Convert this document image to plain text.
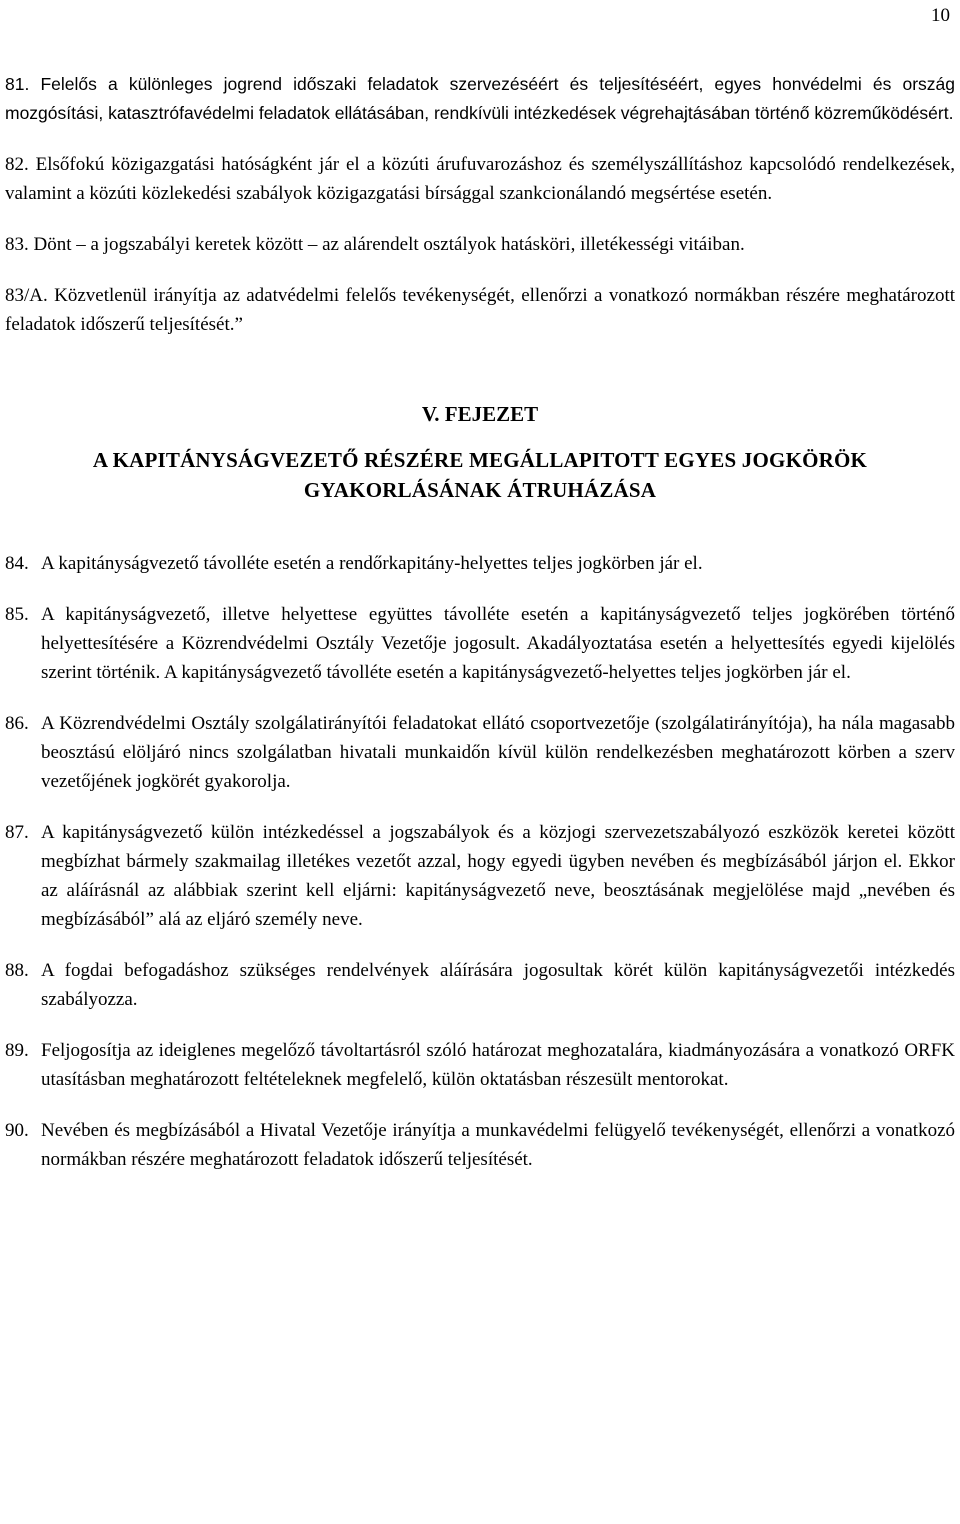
10

81. Felelős a különleges jogrend időszaki feladatok szervezéséért és teljesítéséért, egyes honvédelmi és ország mozgósítási, katasztrófavédelmi feladatok ellátásában, rendkívüli intézkedések végrehajtásában történő közreműködésért.

82. Elsőfokú közigazgatási hatóságként jár el a közúti árufuvarozáshoz és személyszállításhoz kapcsolódó rendelkezések, valamint a közúti közlekedési szabályok közigazgatási bírsággal szankcionálandó megsértése esetén.

83. Dönt – a jogszabályi keretek között – az alárendelt osztályok hatásköri, illetékességi vitáiban.

83/A. Közvetlenül irányítja az adatvédelmi felelős tevékenységét, ellenőrzi a vonatkozó normákban részére meghatározott feladatok időszerű teljesítését.”

V. FEJEZET
A KAPITÁNYSÁGVEZETŐ RÉSZÉRE MEGÁLLAPITOTT EGYES JOGKÖRÖK GYAKORLÁSÁNAK ÁTRUHÁZÁSA

84. A kapitányságvezető távolléte esetén a rendőrkapitány-helyettes teljes jogkörben jár el.

85. A kapitányságvezető, illetve helyettese együttes távolléte esetén a kapitányságvezető teljes jogkörében történő helyettesítésére a Közrendvédelmi Osztály Vezetője jogosult. Akadályoztatása esetén a helyettesítés egyedi kijelölés szerint történik. A kapitányságvezető távolléte esetén a kapitányságvezető-helyettes teljes jogkörben jár el.

86. A Közrendvédelmi Osztály szolgálatirányítói feladatokat ellátó csoportvezetője (szolgálatirányítója), ha nála magasabb beosztású elöljáró nincs szolgálatban hivatali munkaidőn kívül külön rendelkezésben meghatározott körben a szerv vezetőjének jogkörét gyakorolja.

87. A kapitányságvezető külön intézkedéssel a jogszabályok és a közjogi szervezetszabályozó eszközök keretei között megbízhat bármely szakmailag illetékes vezetőt azzal, hogy egyedi ügyben nevében és megbízásából járjon el. Ekkor az aláírásnál az alábbiak szerint kell eljárni: kapitányságvezető neve, beosztásának megjelölése majd „nevében és megbízásából” alá az eljáró személy neve.

88. A fogdai befogadáshoz szükséges rendelvények aláírására jogosultak körét külön kapitányságvezetői intézkedés szabályozza.

89. Feljogosítja az ideiglenes megelőző távoltartásról szóló határozat meghozatalára, kiadmányozására a vonatkozó ORFK utasításban meghatározott feltételeknek megfelelő, külön oktatásban részesült mentorokat.

90. Nevében és megbízásából a Hivatal Vezetője irányítja a munkavédelmi felügyelő tevékenységét, ellenőrzi a vonatkozó normákban részére meghatározott feladatok időszerű teljesítését.
